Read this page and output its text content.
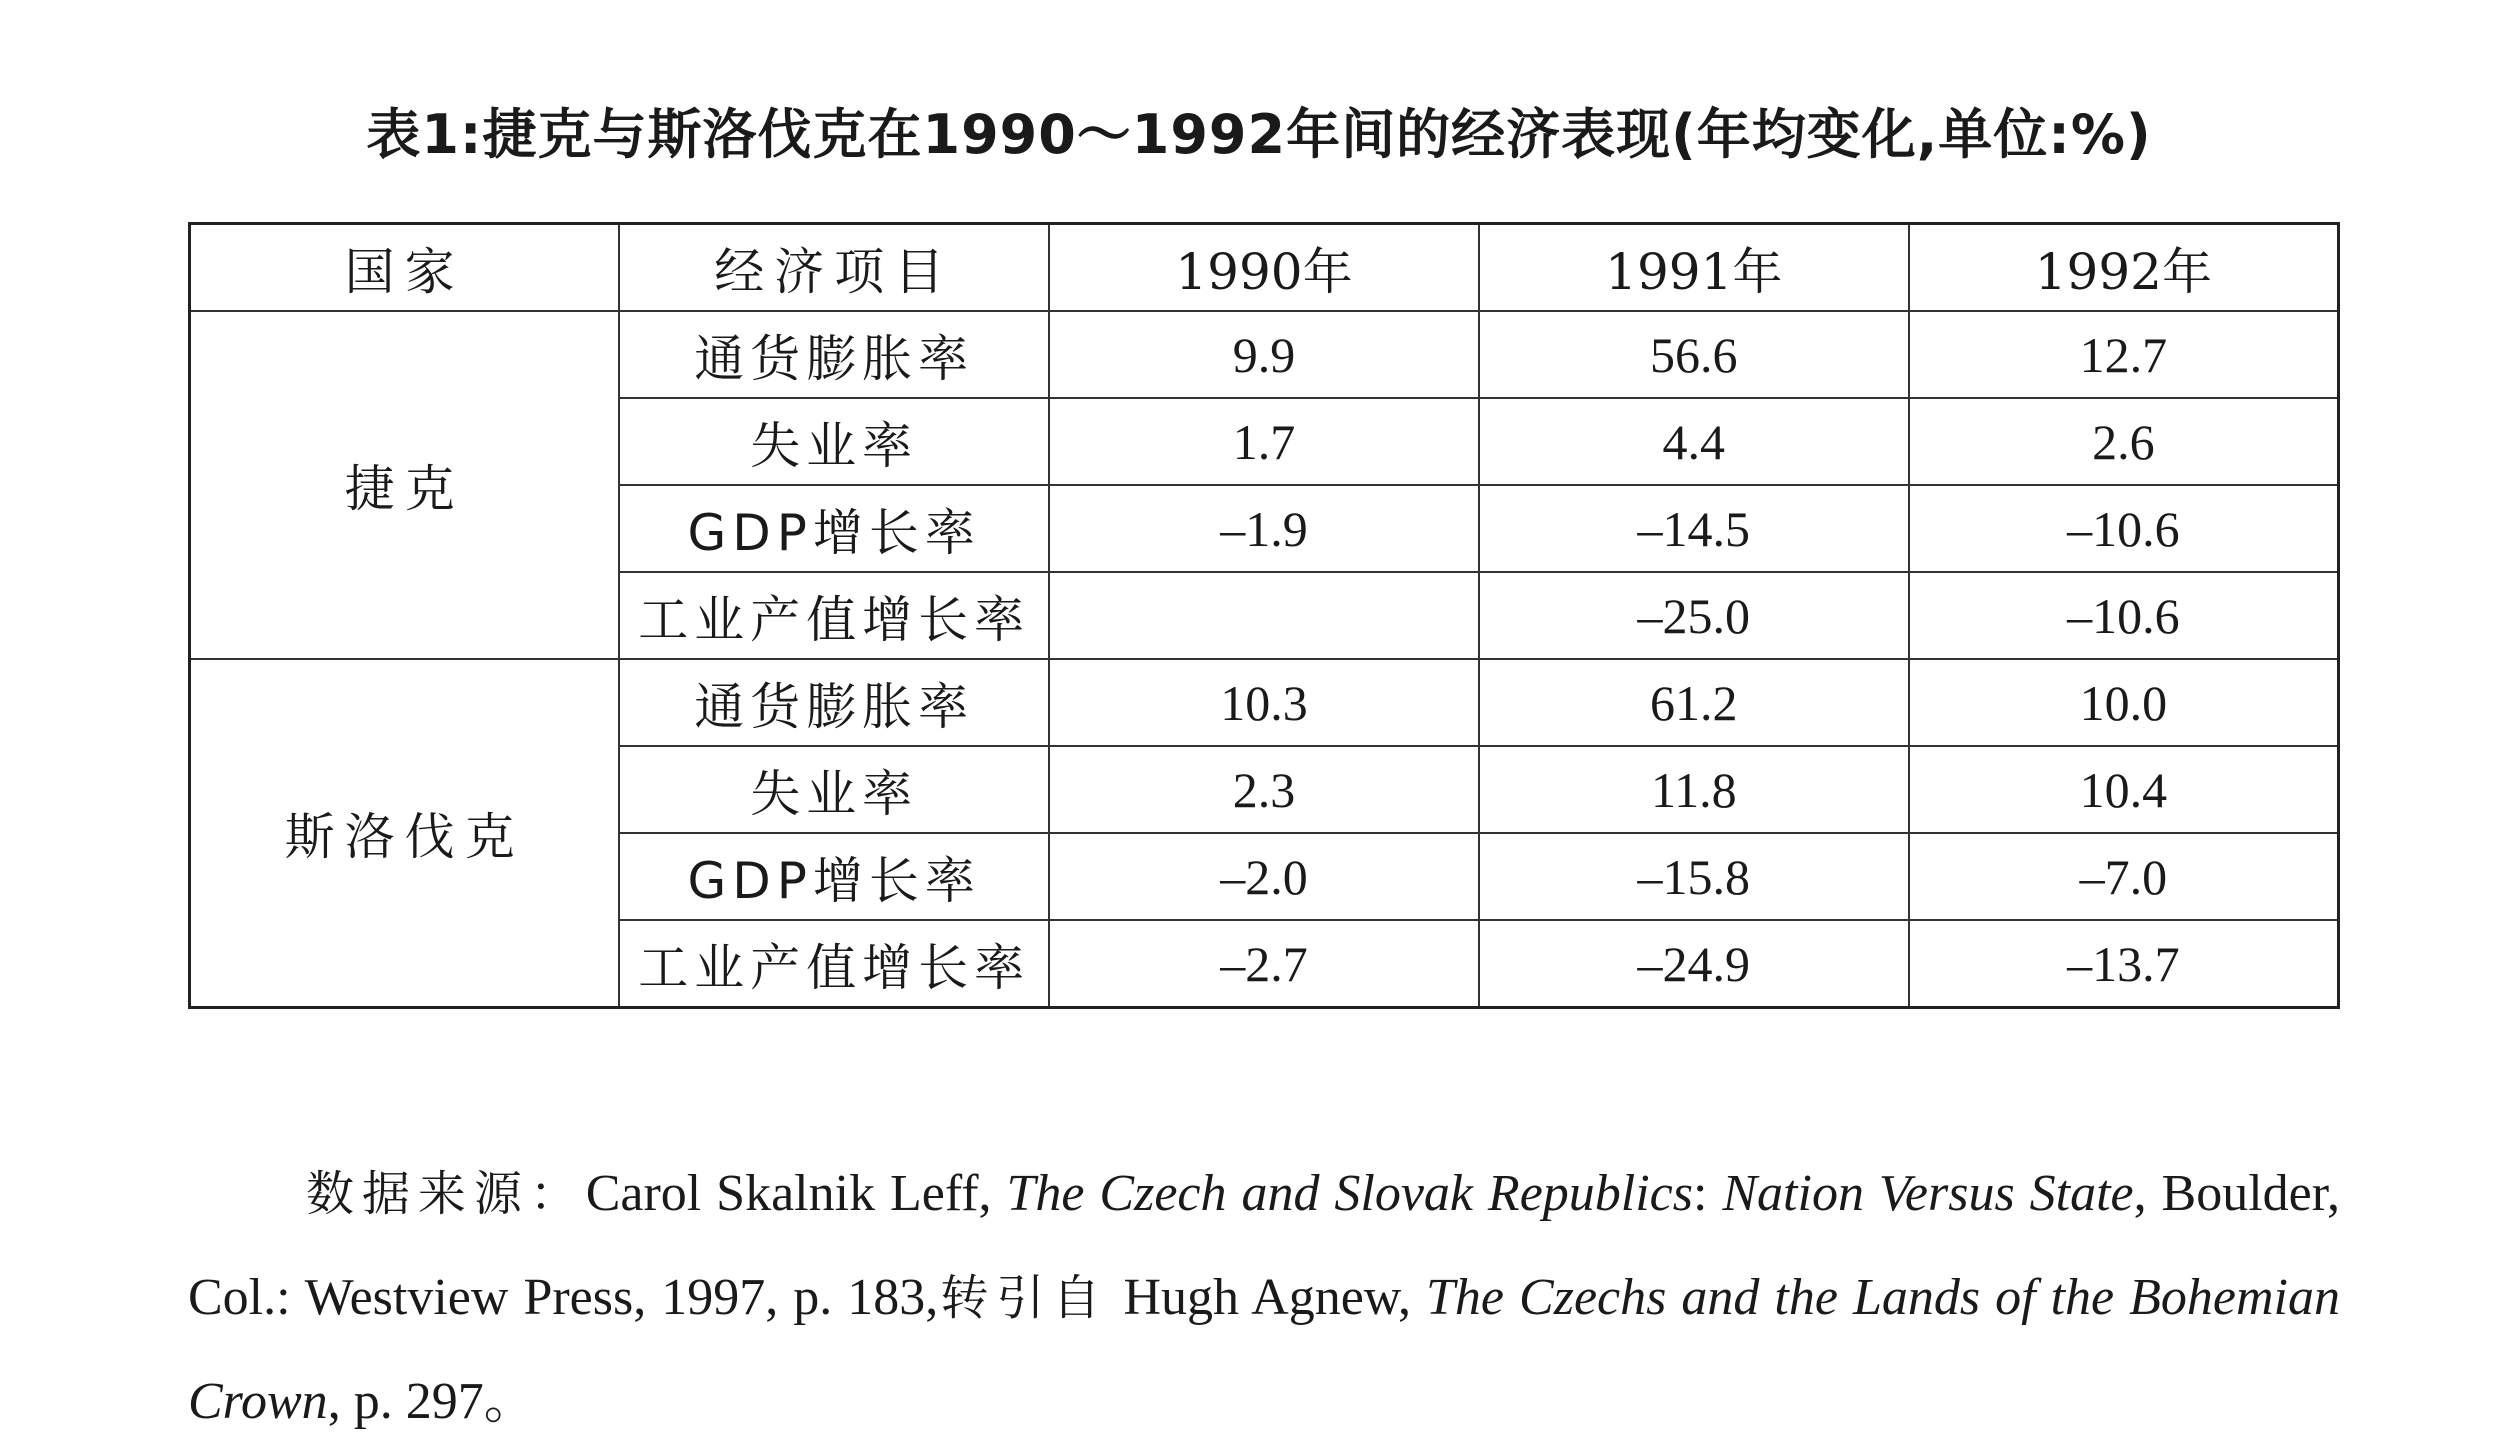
表1:捷克与斯洛伐克在1990～1992年间的经济表现(年均变化,单位:%)
国家	经济项目	1990年	1991年	1992年
捷克	通货膨胀率	9.9	56.6	12.7
	失业率	1.7	4.4	2.6
	GDP增长率	–1.9	–14.5	–10.6
	工业产值增长率		–25.0	–10.6
斯洛伐克	通货膨胀率	10.3	61.2	10.0
	失业率	2.3	11.8	10.4
	GDP增长率	–2.0	–15.8	–7.0
	工业产值增长率	–2.7	–24.9	–13.7

数据来源：Carol Skalnik Leff, The Czech and Slovak Republics: Nation Versus State, Boulder, Col.: Westview Press, 1997, p. 183,转引自 Hugh Agnew, The Czechs and the Lands of the Bohemian Crown, p. 297。
